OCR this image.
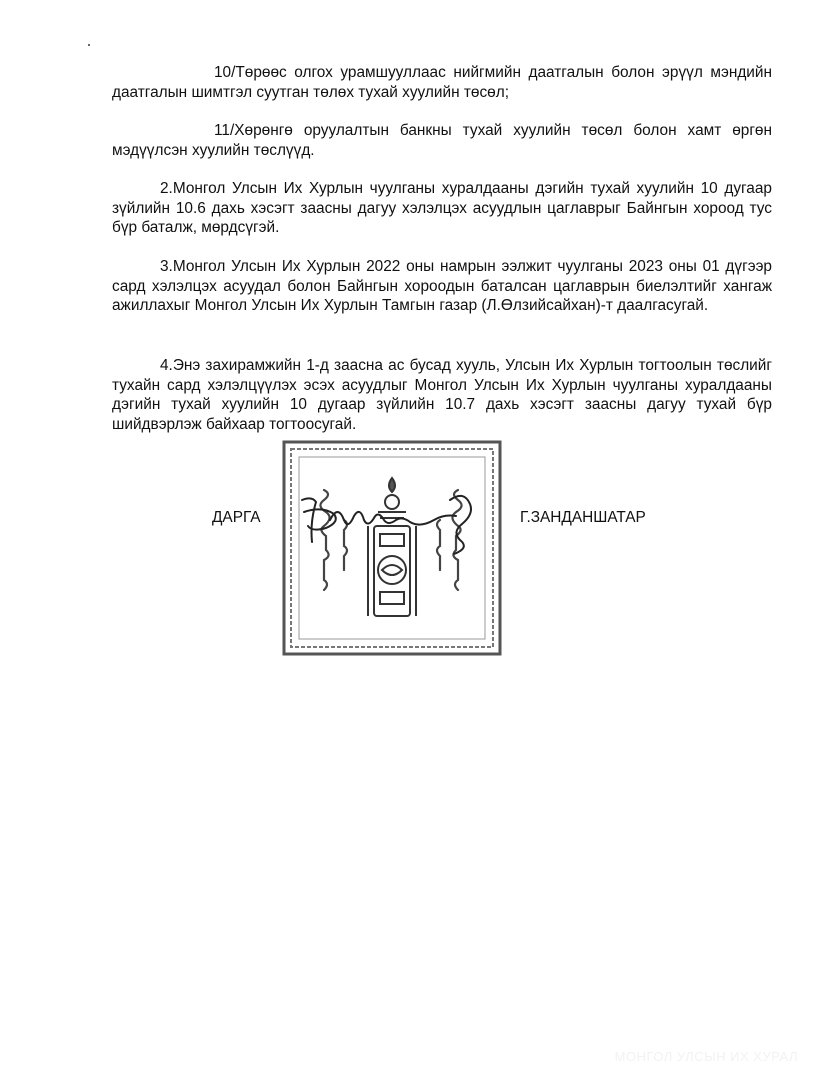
10/Төрөөс олгох урамшууллаас нийгмийн даатгалын болон эрүүл мэндийн даатгалын шимтгэл суутган төлөх тухай хуулийн төсөл;

11/Хөрөнгө оруулалтын банкны тухай хуулийн төсөл болон хамт өргөн мэдүүлсэн хуулийн төслүүд.

2.Монгол Улсын Их Хурлын чуулганы хуралдааны дэгийн тухай хуулийн 10 дугаар зүйлийн 10.6 дахь хэсэгт заасны дагуу хэлэлцэх асуудлын цаглаврыг Байнгын хороод тус бүр баталж, мөрдсүгэй.

3.Монгол Улсын Их Хурлын 2022 оны намрын ээлжит чуулганы 2023 оны 01 дүгээр сард хэлэлцэх асуудал болон Байнгын хороодын баталсан цаглаврын биелэлтийг хангаж ажиллахыг Монгол Улсын Их Хурлын Тамгын газар (Л.Өлзийсайхан)-т даалгасугай.

4.Энэ захирамжийн 1-д заасна ас бусад хууль, Улсын Их Хурлын тогтоолын төслийг тухайн сард хэлэлцүүлэх эсэх асуудлыг Монгол Улсын Их Хурлын чуулганы хуралдааны дэгийн тухай хуулийн 10 дугаар зүйлийн 10.7 дахь хэсэгт заасны дагуу тухай бүр шийдвэрлэж байхаар тогтоосугай.

ДАРГА	Г.ЗАНДАНШАТАР
МОНГОЛ УЛСЫН ИХ ХУРАЛ
